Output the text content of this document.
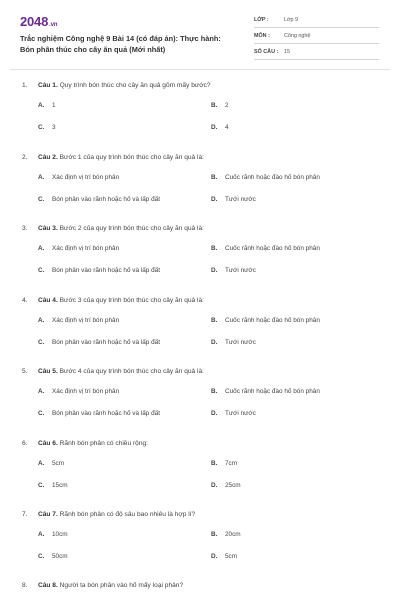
2048.vn
Trắc nghiệm Công nghệ 9 Bài 14 (có đáp án): Thực hành:
Bón phân thúc cho cây ăn quả (Mới nhất)
LỚP :	Lớp 9
MÔN :	Công nghệ
SỐ CÂU : 15
1. Câu 1. Quy trình bón thúc cho cây ăn quả gồm mấy bước?
A. 1	B. 2
C. 3	D. 4
2. Câu 2. Bước 1 của quy trình bón thúc cho cây ăn quả là:
A. Xác định vị trí bón phân	B. Cuốc rãnh hoặc đào hố bón phân
C. Bón phân vào rãnh hoặc hố và lấp đất	D. Tưới nước
3. Câu 3. Bước 2 của quy trình bón thúc cho cây ăn quả là:
A. Xác định vị trí bón phân	B. Cuốc rãnh hoặc đào hố bón phân
C. Bón phân vào rãnh hoặc hố và lấp đất	D. Tưới nước
4. Câu 4. Bước 3 của quy trình bón thúc cho cây ăn quả là:
A. Xác định vị trí bón phân	B. Cuốc rãnh hoặc đào hố bón phân
C. Bón phân vào rãnh hoặc hố và lấp đất	D. Tưới nước
5. Câu 5. Bước 4 của quy trình bón thúc cho cây ăn quả là:
A. Xác định vị trí bón phân	B. Cuốc rãnh hoặc đào hố bón phân
C. Bón phân vào rãnh hoặc hố và lấp đất	D. Tưới nước
6. Câu 6. Rãnh bón phân có chiều rộng:
A. 5cm	B. 7cm
C. 15cm	D. 25cm
7. Câu 7. Rãnh bón phân có độ sâu bao nhiêu là hợp lí?
A. 10cm	B. 20cm
C. 50cm	D. 5cm
8. Câu 8. Người ta bón phân vào hố mấy loại phân?
